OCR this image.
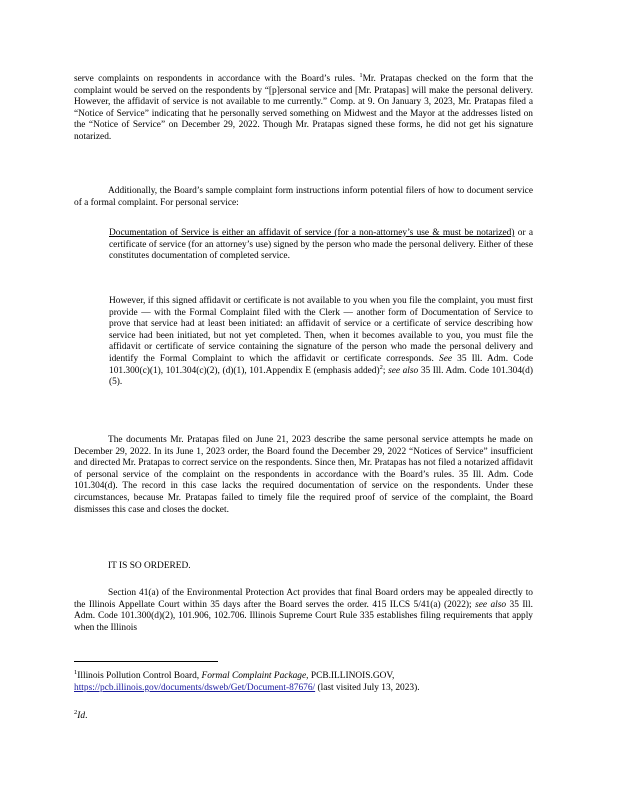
serve complaints on respondents in accordance with the Board’s rules. $^1$Mr. Pratapas checked on the form that the complaint would be served on the respondents by “[p]ersonal service and [Mr. Pratapas] will make the personal delivery. However, the affidavit of service is not available to me currently.” Comp. at 9. On January 3, 2023, Mr. Pratapas filed a “Notice of Service” indicating that he personally served something on Midwest and the Mayor at the addresses listed on the “Notice of Service” on December 29, 2022. Though Mr. Pratapas signed these forms, he did not get his signature notarized.

Additionally, the Board’s sample complaint form instructions inform potential filers of how to document service of a formal complaint. For personal service:

Documentation of Service is either an affidavit of service (for a non-attorney’s use & must be notarized) or a certificate of service (for an attorney’s use) signed by the person who made the personal delivery. Either of these constitutes documentation of completed service.

However, if this signed affidavit or certificate is not available to you when you file the complaint, you must first provide — with the Formal Complaint filed with the Clerk — another form of Documentation of Service to prove that service had at least been initiated: an affidavit of service or a certificate of service describing how service had been initiated, but not yet completed. Then, when it becomes available to you, you must file the affidavit or certificate of service containing the signature of the person who made the personal delivery and identify the Formal Complaint to which the affidavit or certificate corresponds. See 35 Ill. Adm. Code 101.300(c)(1), 101.304(c)(2), (d)(1), 101.Appendix E (emphasis added)$^2$; see also 35 Ill. Adm. Code 101.304(d)(5).

The documents Mr. Pratapas filed on June 21, 2023 describe the same personal service attempts he made on December 29, 2022. In its June 1, 2023 order, the Board found the December 29, 2022 “Notices of Service” insufficient and directed Mr. Pratapas to correct service on the respondents. Since then, Mr. Pratapas has not filed a notarized affidavit of personal service of the complaint on the respondents in accordance with the Board’s rules. 35 Ill. Adm. Code 101.304(d). The record in this case lacks the required documentation of service on the respondents. Under these circumstances, because Mr. Pratapas failed to timely file the required proof of service of the complaint, the Board dismisses this case and closes the docket.

IT IS SO ORDERED.

Section 41(a) of the Environmental Protection Act provides that final Board orders may be appealed directly to the Illinois Appellate Court within 35 days after the Board serves the order. 415 ILCS 5/41(a) (2022); see also 35 Ill. Adm. Code 101.300(d)(2), 101.906, 102.706. Illinois Supreme Court Rule 335 establishes filing requirements that apply when the Illinois

$^1$Illinois Pollution Control Board, Formal Complaint Package, PCB.ILLINOIS.GOV,
https://pcb.illinois.gov/documents/dsweb/Get/Document-87676/ (last visited July 13, 2023).

$^2$Id.
